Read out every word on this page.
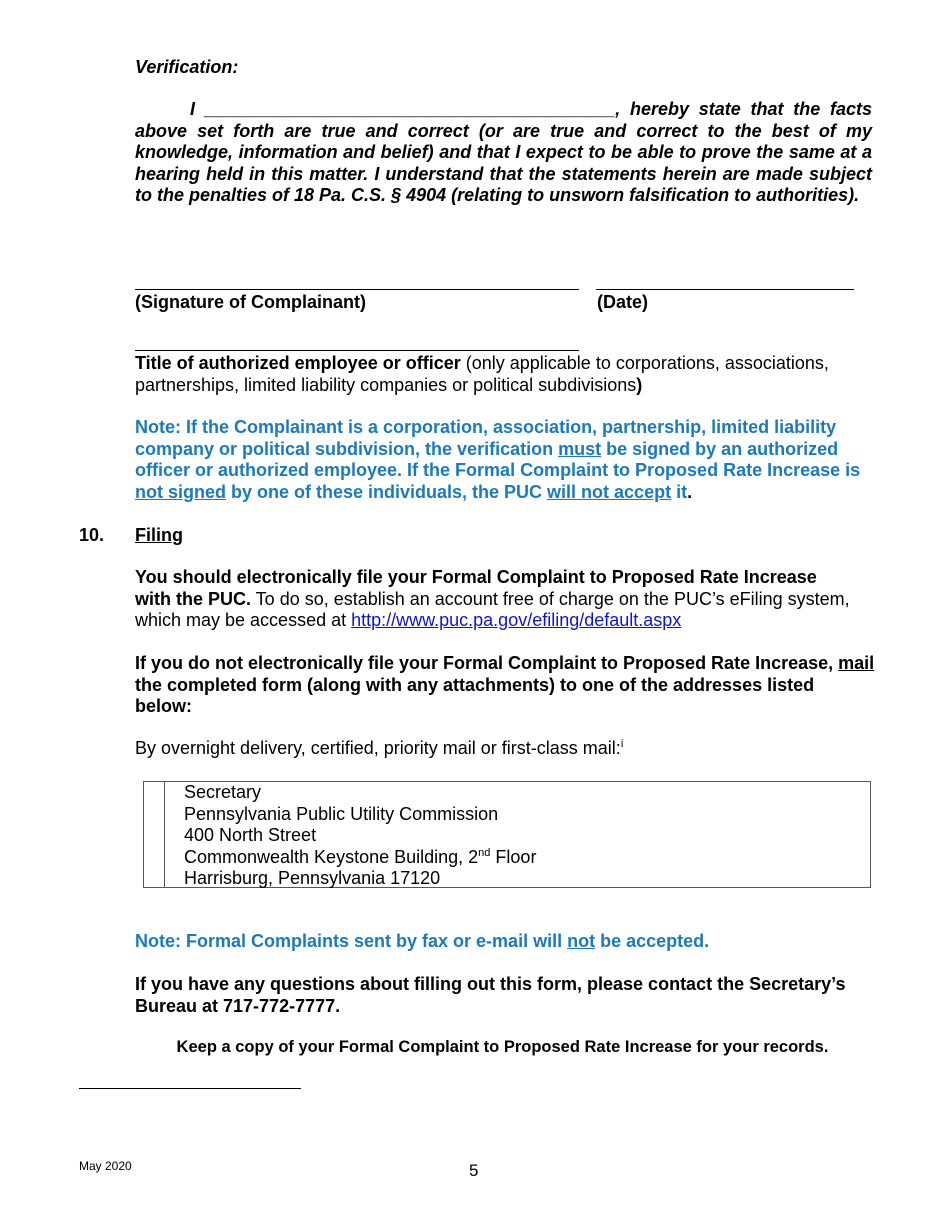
Verification:
I _________________________________________, hereby state that the facts above set forth are true and correct (or are true and correct to the best of my knowledge, information and belief) and that I expect to be able to prove the same at a hearing held in this matter. I understand that the statements herein are made subject to the penalties of 18 Pa. C.S. § 4904 (relating to unsworn falsification to authorities).
(Signature of Complainant)	(Date)
Title of authorized employee or officer (only applicable to corporations, associations, partnerships, limited liability companies or political subdivisions)
Note: If the Complainant is a corporation, association, partnership, limited liability company or political subdivision, the verification must be signed by an authorized officer or authorized employee. If the Formal Complaint to Proposed Rate Increase is not signed by one of these individuals, the PUC will not accept it.
10. Filing
You should electronically file your Formal Complaint to Proposed Rate Increase with the PUC. To do so, establish an account free of charge on the PUC’s eFiling system, which may be accessed at http://www.puc.pa.gov/efiling/default.aspx
If you do not electronically file your Formal Complaint to Proposed Rate Increase, mail the completed form (along with any attachments) to one of the addresses listed below:
By overnight delivery, certified, priority mail or first-class mail:$^i$
Secretary
Pennsylvania Public Utility Commission
400 North Street
Commonwealth Keystone Building, 2nd Floor
Harrisburg, Pennsylvania 17120
Note: Formal Complaints sent by fax or e-mail will not be accepted.
If you have any questions about filling out this form, please contact the Secretary’s Bureau at 717-772-7777.
Keep a copy of your Formal Complaint to Proposed Rate Increase for your records.
May 2020	5
